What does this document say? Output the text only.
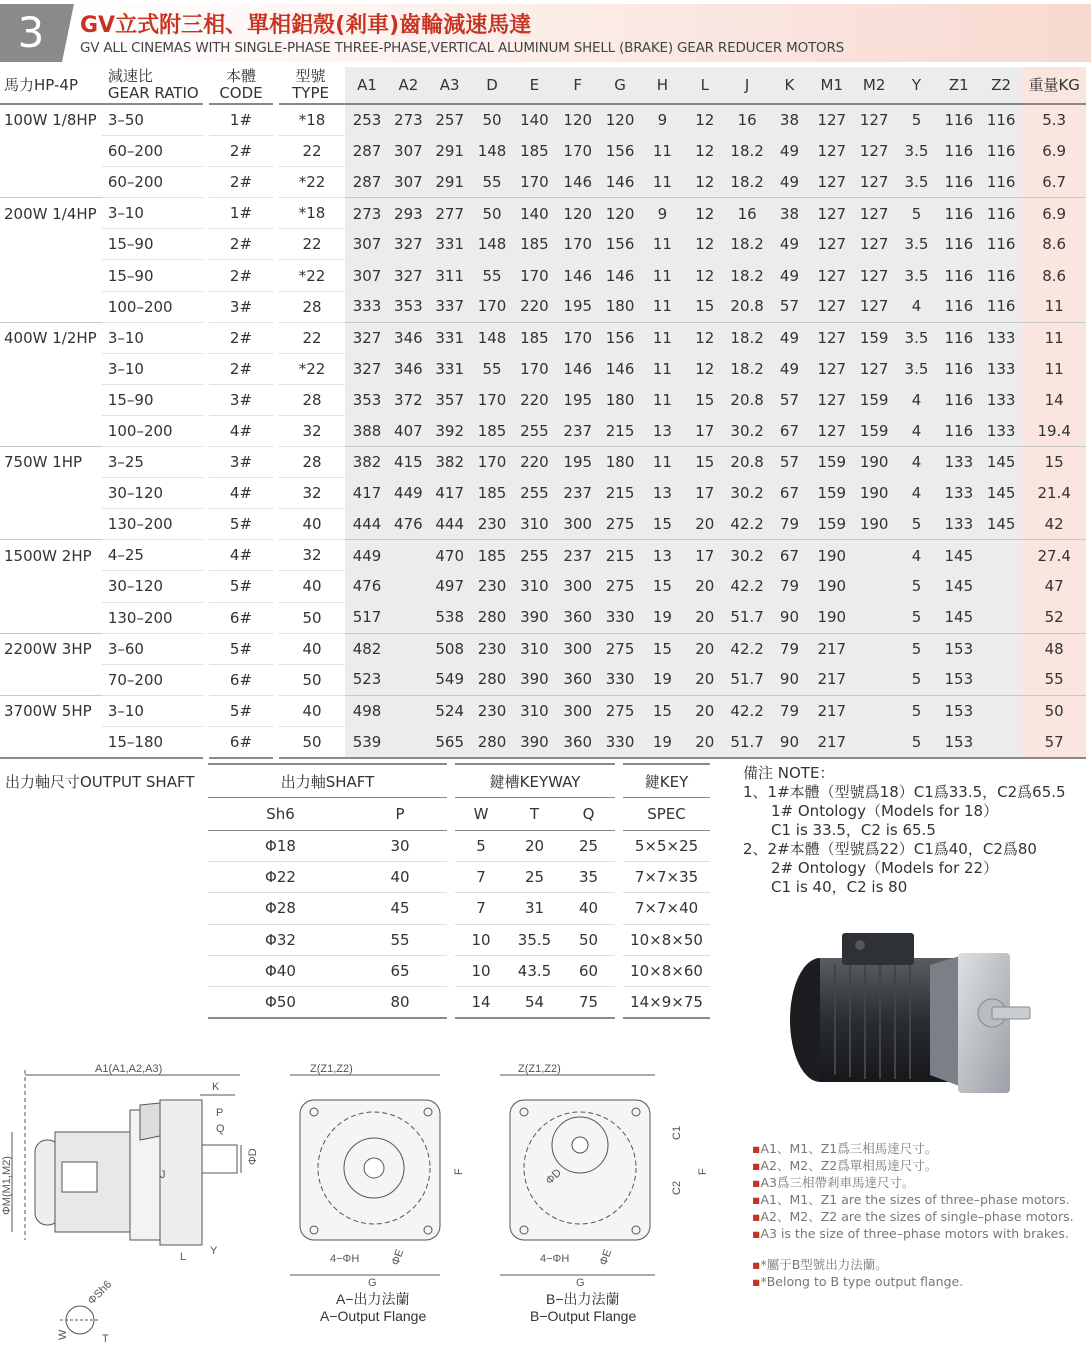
3	GV立式附三相、單相鋁殼(剎車)齒輪減速馬達
GV ALL CINEMAS WITH SINGLE-PHASE THREE-PHASE,VERTICAL ALUMINUM SHELL (BRAKE) GEAR REDUCER MOTORS
馬力HP-4P	減速比
GEAR RATIO	本體
CODE	型號
TYPE	A1	A2	A3	D	E	F	G	H	L	J	K	M1	M2	Y	Z1	Z2	重量KG
100W 1/8HP	3–50	1#	*18	253	273	257	50	140	120	120	9	12	16	38	127	127	5	116	116	5.3
	60–200	2#	22	287	307	291	148	185	170	156	11	12	18.2	49	127	127	3.5	116	116	6.9
	60–200	2#	*22	287	307	291	55	170	146	146	11	12	18.2	49	127	127	3.5	116	116	6.7
200W 1/4HP	3–10	1#	*18	273	293	277	50	140	120	120	9	12	16	38	127	127	5	116	116	6.9
	15–90	2#	22	307	327	331	148	185	170	156	11	12	18.2	49	127	127	3.5	116	116	8.6
	15–90	2#	*22	307	327	311	55	170	146	146	11	12	18.2	49	127	127	3.5	116	116	8.6
	100–200	3#	28	333	353	337	170	220	195	180	11	15	20.8	57	127	127	4	116	116	11
400W 1/2HP	3–10	2#	22	327	346	331	148	185	170	156	11	12	18.2	49	127	159	3.5	116	133	11
	3–10	2#	*22	327	346	331	55	170	146	146	11	12	18.2	49	127	127	3.5	116	133	11
	15–90	3#	28	353	372	357	170	220	195	180	11	15	20.8	57	127	159	4	116	133	14
	100–200	4#	32	388	407	392	185	255	237	215	13	17	30.2	67	127	159	4	116	133	19.4
750W 1HP	3–25	3#	28	382	415	382	170	220	195	180	11	15	20.8	57	159	190	4	133	145	15
	30–120	4#	32	417	449	417	185	255	237	215	13	17	30.2	67	159	190	4	133	145	21.4
	130–200	5#	40	444	476	444	230	310	300	275	15	20	42.2	79	159	190	5	133	145	42
1500W 2HP	4–25	4#	32	449		470	185	255	237	215	13	17	30.2	67	190		4	145		27.4
	30–120	5#	40	476		497	230	310	300	275	15	20	42.2	79	190		5	145		47
	130–200	6#	50	517		538	280	390	360	330	19	20	51.7	90	190		5	145		52
2200W 3HP	3–60	5#	40	482		508	230	310	300	275	15	20	42.2	79	217		5	153		48
	70–200	6#	50	523		549	280	390	360	330	19	20	51.7	90	217		5	153		55
3700W 5HP	3–10	5#	40	498		524	230	310	300	275	15	20	42.2	79	217		5	153		50
	15–180	6#	50	539		565	280	390	360	330	19	20	51.7	90	217		5	153		57
出力軸尺寸OUTPUT SHAFT	出力軸SHAFT			鍵槽KEYWAY				鍵KEY
Sh6	P		W	T	Q		SPEC
Φ18	30		5	20	25		5×5×25
Φ22	40		7	25	35		7×7×35
Φ28	45		7	31	40		7×7×40
Φ32	55		10	35.5	50		10×8×50
Φ40	65		10	43.5	60		10×8×60
Φ50	80		14	54	75		14×9×75
備注 NOTE：
1、1#本體（型號爲18）C1爲33.5，C2爲65.5
1# Ontology（Models for 18）
C1 is 33.5，C2 is 65.5
2、2#本體（型號爲22）C1爲40，C2爲80
2# Ontology（Models for 22）
C1 is 40，C2 is 80
▪ A1、M1、Z1爲三相馬達尺寸。
▪ A2、M2、Z2爲單相馬達尺寸。
▪ A3爲三相帶剎車馬達尺寸。
▪ A1、M1、Z1 are the sizes of three–phase motors.
▪ A2、M2、Z2 are the sizes of single–phase motors.
▪ A3 is the size of three–phase motors with brakes.
▪ *屬于B型號出力法蘭。
▪ *Belong to B type output flange.
A1(A1,A2,A3)
K
P
Q
ΦD
J
ΦM(M1,M2)
L Y
ΦSh6
W	T
Z(Z1,Z2)
G
4−ΦH	ΦE
F
A−出力法蘭
A−Output Flange
Z(Z1,Z2)
C1
C2
F
ΦD
G
4−ΦH	ΦE
B−出力法蘭
B−Output Flange
